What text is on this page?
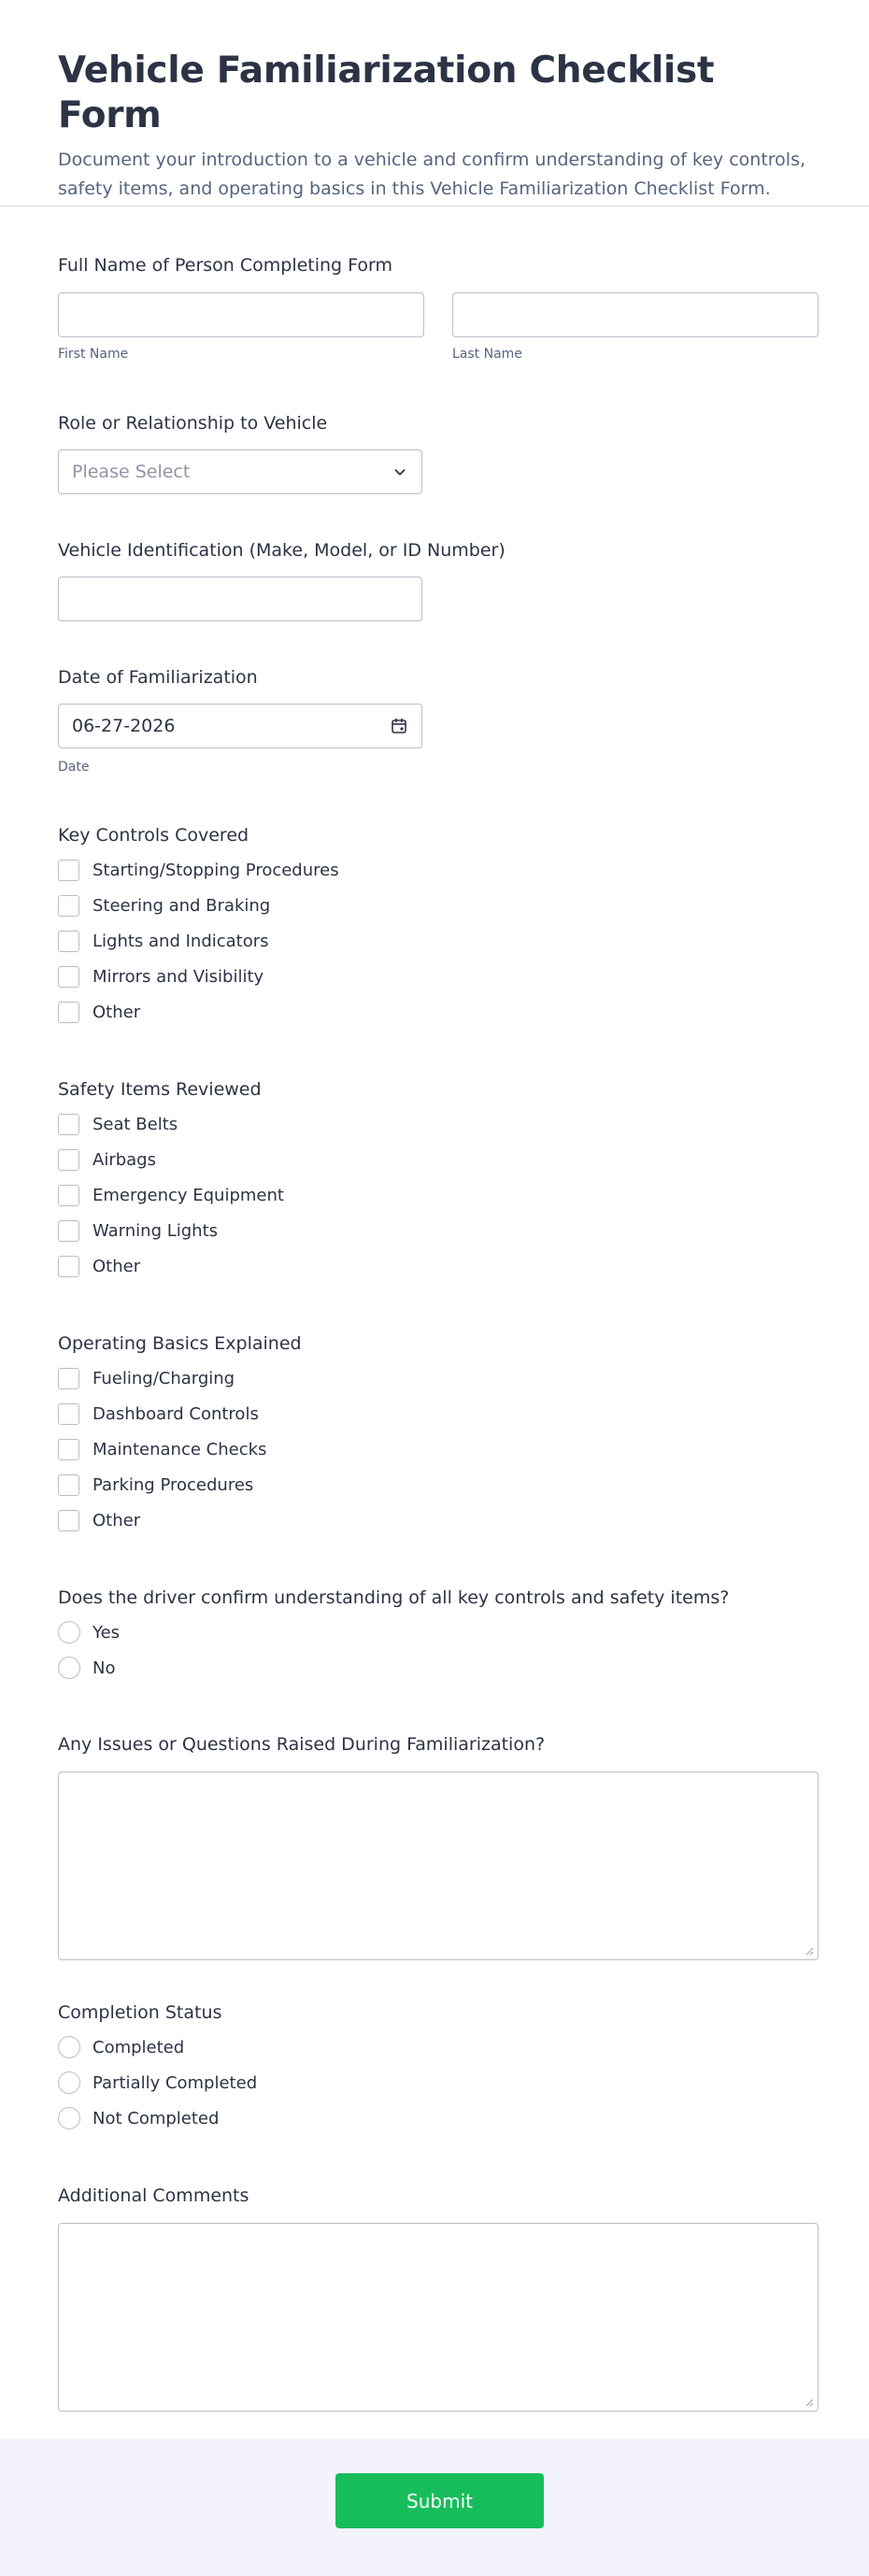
Vehicle Familiarization Checklist Form

Document your introduction to a vehicle and confirm understanding of key controls, safety items, and operating basics in this Vehicle Familiarization Checklist Form.

Full Name of Person Completing Form

First Name	Last Name

Role or Relationship to Vehicle

Please Select

Vehicle Identification (Make, Model, or ID Number)

Date of Familiarization

06-27-2026
Date

Key Controls Covered

Starting/Stopping Procedures
Steering and Braking
Lights and Indicators
Mirrors and Visibility
Other

Safety Items Reviewed

Seat Belts
Airbags
Emergency Equipment
Warning Lights
Other

Operating Basics Explained

Fueling/Charging
Dashboard Controls
Maintenance Checks
Parking Procedures
Other

Does the driver confirm understanding of all key controls and safety items?

Yes
No

Any Issues or Questions Raised During Familiarization?

Completion Status

Completed
Partially Completed
Not Completed

Additional Comments

Submit
